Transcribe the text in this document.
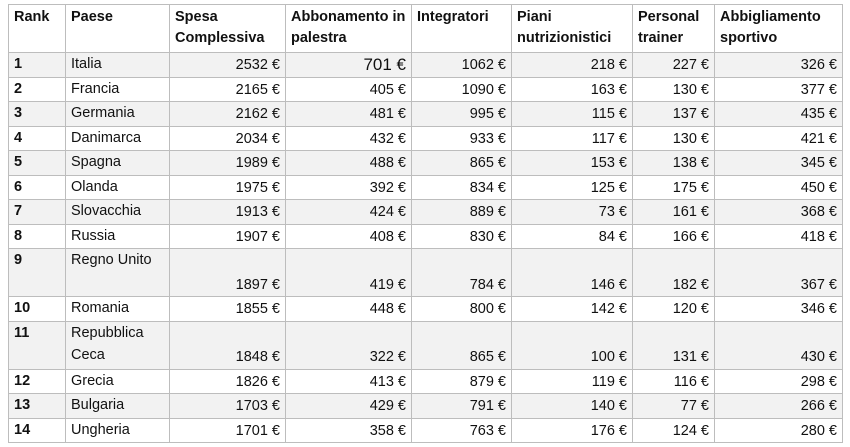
Rank	Paese	Spesa Complessiva	Abbonamento in palestra	Integratori	Piani nutrizionistici	Personal trainer	Abbigliamento sportivo
1	Italia	2532 €	701 €	1062 €	218 €	227 €	326 €
2	Francia	2165 €	405 €	1090 €	163 €	130 €	377 €
3	Germania	2162 €	481 €	995 €	115 €	137 €	435 €
4	Danimarca	2034 €	432 €	933 €	117 €	130 €	421 €
5	Spagna	1989 €	488 €	865 €	153 €	138 €	345 €
6	Olanda	1975 €	392 €	834 €	125 €	175 €	450 €
7	Slovacchia	1913 €	424 €	889 €	73 €	161 €	368 €
8	Russia	1907 €	408 €	830 €	84 €	166 €	418 €
9	Regno Unito	1897 €	419 €	784 €	146 €	182 €	367 €
10	Romania	1855 €	448 €	800 €	142 €	120 €	346 €
11	Repubblica Ceca	1848 €	322 €	865 €	100 €	131 €	430 €
12	Grecia	1826 €	413 €	879 €	119 €	116 €	298 €
13	Bulgaria	1703 €	429 €	791 €	140 €	77 €	266 €
14	Ungheria	1701 €	358 €	763 €	176 €	124 €	280 €
